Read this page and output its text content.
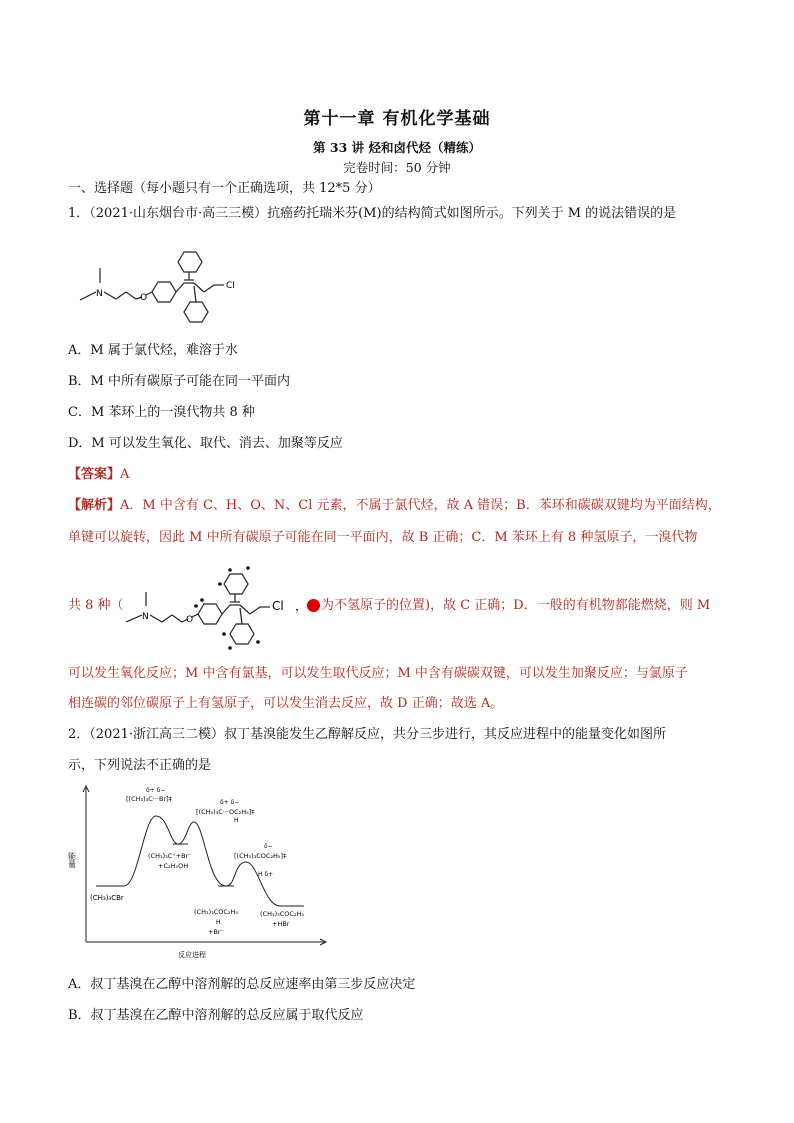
第十一章 有机化学基础
第 33 讲 烃和卤代烃（精练）
完卷时间：50 分钟
一、选择题（每小题只有一个正确选项，共 12*5 分）
1．（2021·山东烟台市·高三三模）抗癌药托瑞米芬(M)的结构简式如图所示。下列关于 M 的说法错误的是
N	O
Cl
A．M 属于氯代烃，难溶于水
B．M 中所有碳原子可能在同一平面内
C．M 苯环上的一溴代物共 8 种
D．M 可以发生氧化、取代、消去、加聚等反应
【答案】A
【解析】A．M 中含有 C、H、O、N、Cl 元素，不属于氯代烃，故 A 错误；B．苯环和碳碳双键均为平面结构，
单键可以旋转，因此 M 中所有碳原子可能在同一平面内，故 B 正确；C．M 苯环上有 8 种氢原子，一溴代物
共 8 种（
N	O
Cl ， 为不氢原子的位置)，故 C 正确；D．一般的有机物都能燃烧，则 M
可以发生氧化反应；M 中含有氯基，可以发生取代反应；M 中含有碳碳双键，可以发生加聚反应；与氯原子
相连碳的邻位碳原子上有氢原子，可以发生消去反应，故 D 正确；故选 A。
2．（2021·浙江高三二模）叔丁基溴能发生乙醇解反应，共分三步进行，其反应进程中的能量变化如图所
示，下列说法不正确的是
能量
反应进程
(CH₃)₃CBr
δ+ δ−
[(CH₃)₃C···Br]‡
(CH₃)₃C⁺+Br⁻
+C₂H₅OH
δ+ δ−
[(CH₃)₃C···OC₂H₅]‡
H
δ−
[(CH₃)₃COC₂H₅]‡
H δ+
(CH₃)₃COC₂H₅
H
+Br⁻
(CH₃)₃COC₂H₅
+HBr
A．叔丁基溴在乙醇中溶剂解的总反应速率由第三步反应决定
B．叔丁基溴在乙醇中溶剂解的总反应属于取代反应
